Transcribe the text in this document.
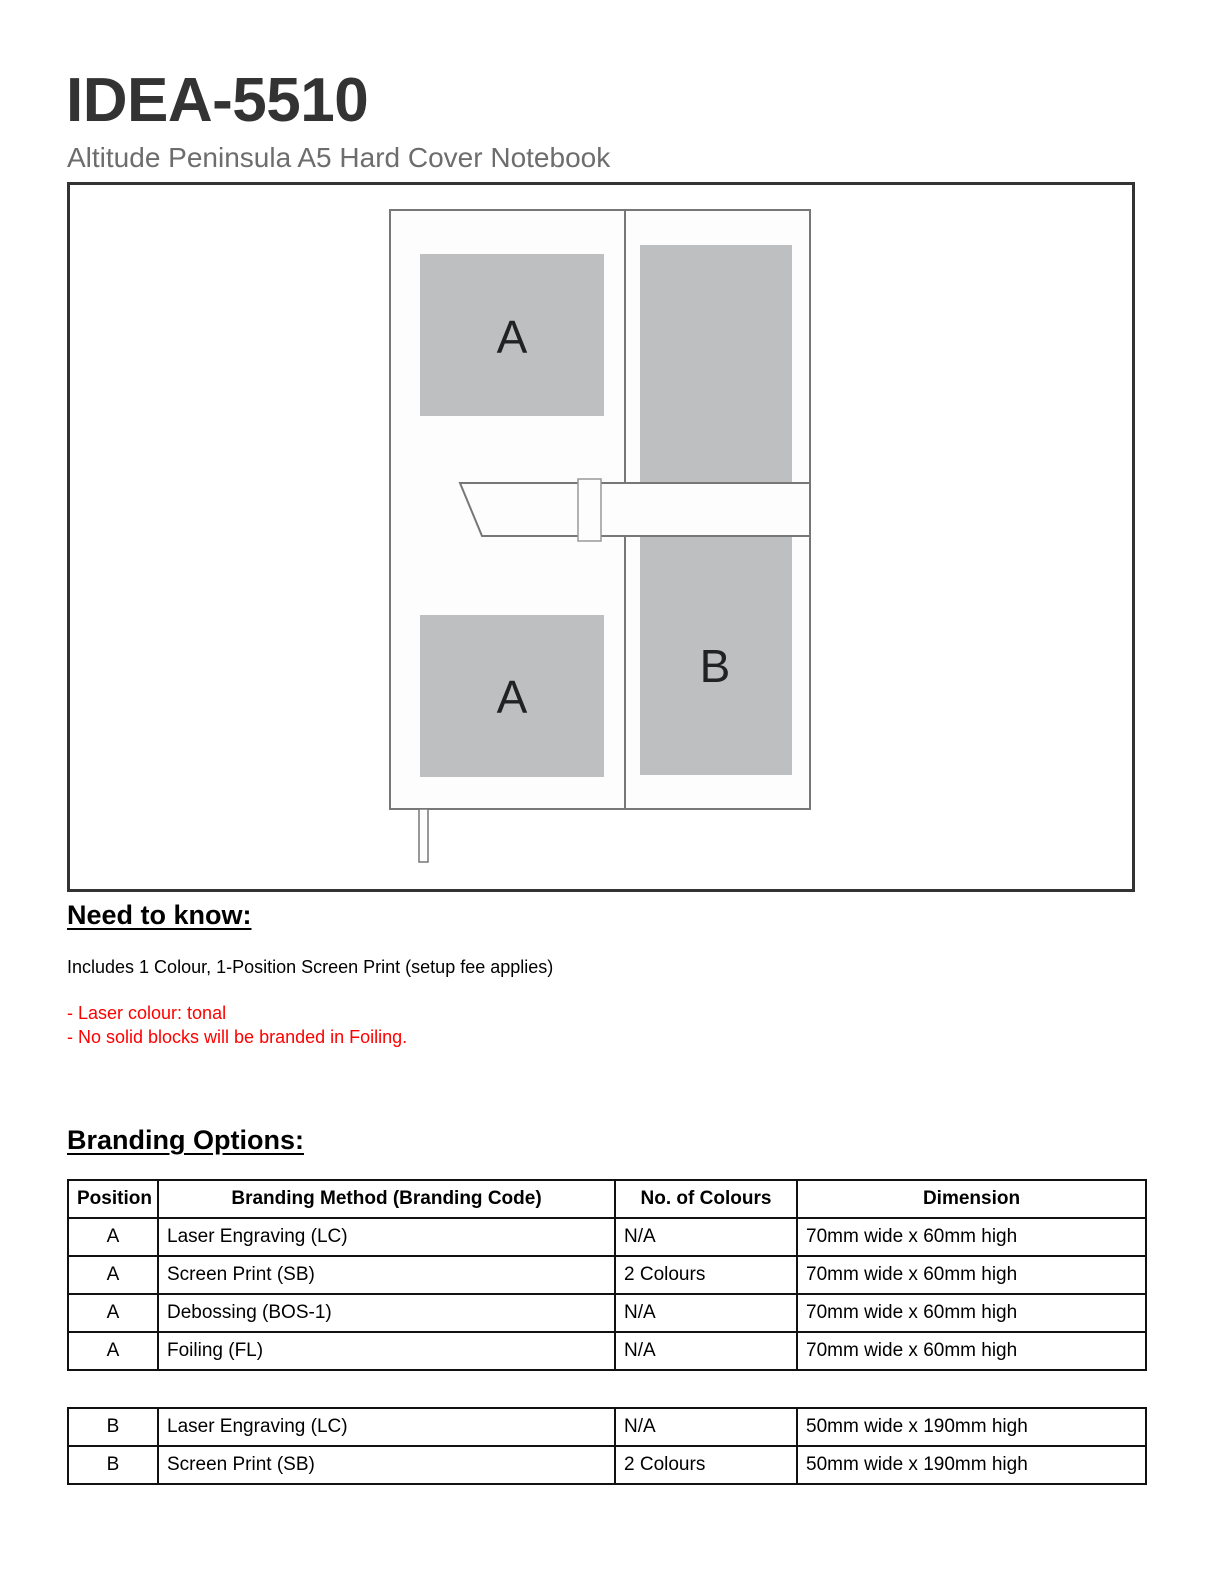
IDEA-5510
Altitude Peninsula A5 Hard Cover Notebook
A
A
B
Need to know:
Includes 1 Colour, 1-Position Screen Print (setup fee applies)
- Laser colour: tonal
- No solid blocks will be branded in Foiling.
Branding Options:
Position	Branding Method (Branding Code)	No. of Colours	Dimension
A	Laser Engraving (LC)	N/A	70mm wide x 60mm high
A	Screen Print (SB)	2 Colours	70mm wide x 60mm high
A	Debossing (BOS-1)	N/A	70mm wide x 60mm high
A	Foiling (FL)	N/A	70mm wide x 60mm high
B	Laser Engraving (LC)	N/A	50mm wide x 190mm high
B	Screen Print (SB)	2 Colours	50mm wide x 190mm high
